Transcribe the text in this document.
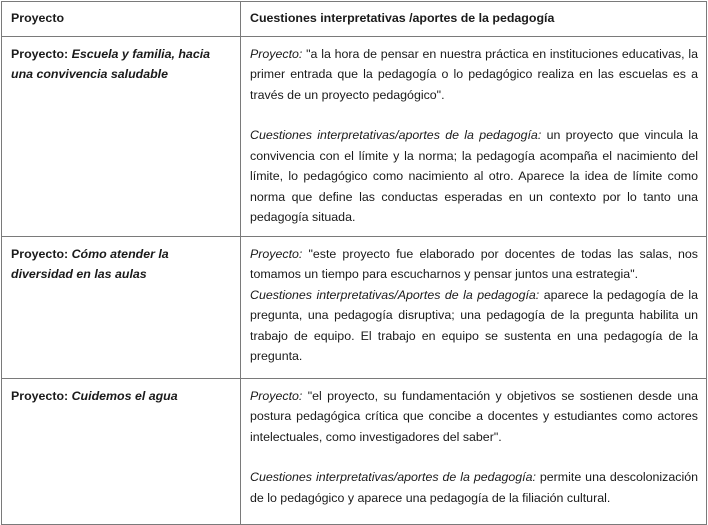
Proyecto	Cuestiones interpretativas /aportes de la pedagogía
Proyecto: Escuela y familia, hacia una convivencia saludable	Proyecto: "a la hora de pensar en nuestra práctica en instituciones educativas, la primer entrada que la pedagogía o lo pedagógico realiza en las escuelas es a través de un proyecto pedagógico".

Cuestiones interpretativas/aportes de la pedagogía: un proyecto que vincula la convivencia con el límite y la norma; la pedagogía acompaña el nacimiento del límite, lo pedagógico como nacimiento al otro. Aparece la idea de límite como norma que define las conductas esperadas en un contexto por lo tanto una pedagogía situada.

Proyecto: Cómo atender la diversidad en las aulas	Proyecto: "este proyecto fue elaborado por docentes de todas las salas, nos tomamos un tiempo para escucharnos y pensar juntos una estrategia".

Cuestiones interpretativas/Aportes de la pedagogía: aparece la pedagogía de la pregunta, una pedagogía disruptiva; una pedagogía de la pregunta habilita un trabajo de equipo. El trabajo en equipo se sustenta en una pedagogía de la pregunta.

Proyecto: Cuidemos el agua	Proyecto: "el proyecto, su fundamentación y objetivos se sostienen desde una postura pedagógica crítica que concibe a docentes y estudiantes como actores intelectuales, como investigadores del saber".

Cuestiones interpretativas/aportes de la pedagogía: permite una descolonización de lo pedagógico y aparece una pedagogía de la filiación cultural.
